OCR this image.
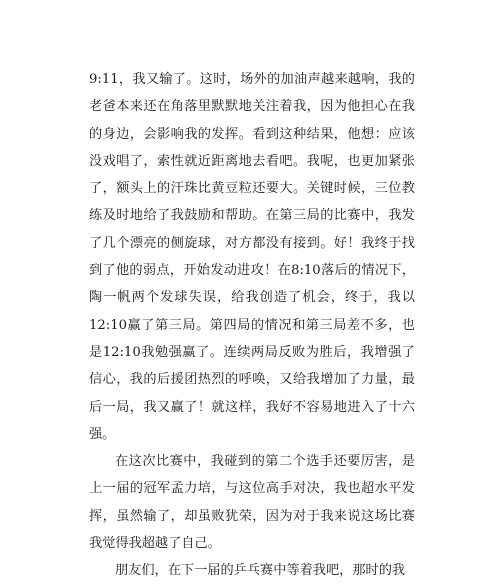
9:11，我又输了。这时，场外的加油声越来越响，我的
老爸本来还在角落里默默地关注着我，因为他担心在我
的身边，会影响我的发挥。看到这种结果，他想：应该
没戏唱了，索性就近距离地去看吧。我呢，也更加紧张
了，额头上的汗珠比黄豆粒还要大。关键时候，三位教
练及时地给了我鼓励和帮助。在第三局的比赛中，我发
了几个漂亮的侧旋球，对方都没有接到。好！我终于找
到了他的弱点，开始发动进攻！在8:10落后的情况下，
陶一帆两个发球失误，给我创造了机会，终于，我以
12:10赢了第三局。第四局的情况和第三局差不多，也
是12:10我勉强赢了。连续两局反败为胜后，我增强了
信心，我的后援团热烈的呼唤，又给我增加了力量，最
后一局，我又赢了！就这样，我好不容易地进入了十六
强。
在这次比赛中，我碰到的第二个选手还要厉害，是
上一届的冠军孟力培，与这位高手对决，我也超水平发
挥，虽然输了，却虽败犹荣，因为对于我来说这场比赛
我觉得我超越了自己。
朋友们，在下一届的乒乓赛中等着我吧，那时的我
